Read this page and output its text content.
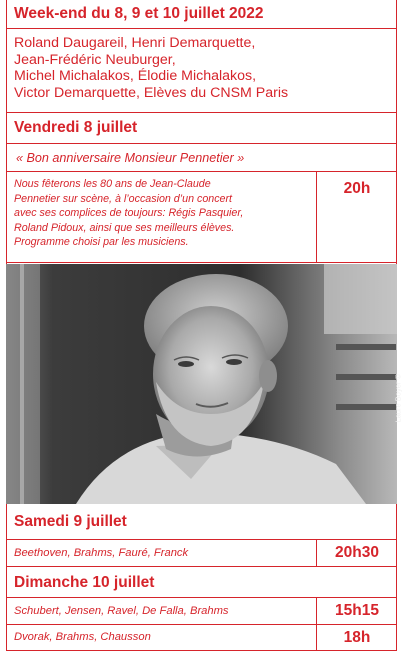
Week-end du 8, 9 et 10 juillet 2022
Roland Daugareil, Henri Demarquette,
Jean-Frédéric Neuburger,
Michel Michalakos, Élodie Michalakos,
Victor Demarquette, Elèves du CNSM Paris
Vendredi 8 juillet
« Bon anniversaire Monsieur Pennetier »
Nous fêterons les 80 ans de Jean-Claude
Pennetier sur scène, à l’occasion d’un concert
avec ses complices de toujours: Régis Pasquier,
Roland Pidoux, ainsi que ses meilleurs élèves.
Programme choisi par les musiciens.
20h
Laure Boyer ©
Samedi 9 juillet
Beethoven, Brahms, Fauré, Franck	20h30
Dimanche 10 juillet
Schubert, Jensen, Ravel, De Falla, Brahms	15h15
Dvorak, Brahms, Chausson	18h
